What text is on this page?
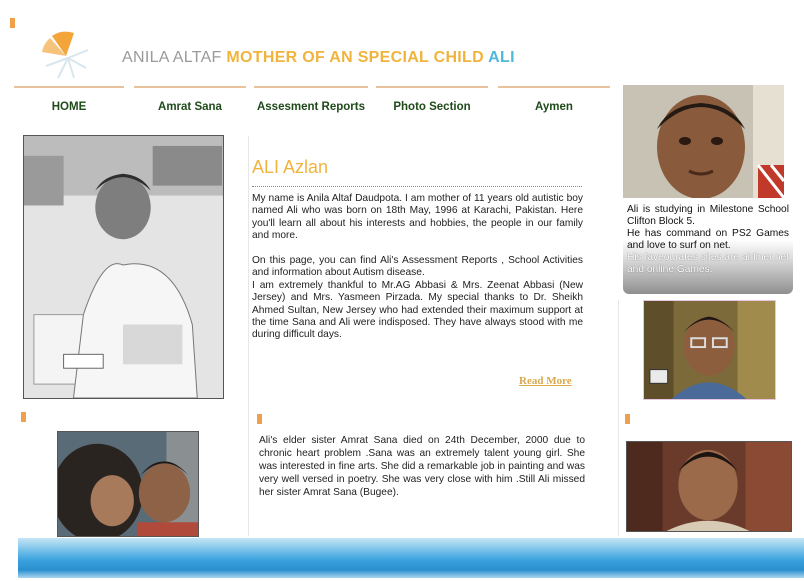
ANILA ALTAF MOTHER OF AN SPECIAL CHILD ALI
HOME	Amrat Sana	Assesment Reports	Photo Section	Aymen
ALI Azlan

My name is Anila Altaf Daudpota. I am mother of 11 years old autistic boy named Ali who was born on 18th May, 1996 at Karachi, Pakistan. Here you'll learn all about his interests and hobbies, the people in our family and more.

On this page, you can find Ali's Assessment Reports , School Activities and information about Autism disease.

I am extremely thankful to Mr.AG Abbasi & Mrs. Zeenat Abbasi (New Jersey) and Mrs. Yasmeen Pirzada. My special thanks to Dr. Sheikh Ahmed Sultan, New Jersey who had extended their maximum support at the time Sana and Ali were indisposed. They have always stood with me during difficult days.

Read More
Ali's elder sister Amrat Sana died on 24th December, 2000 due to chronic heart problem .Sana was an extremely talent young girl. She was interested in fine arts. She did a remarkable job in painting and was very well versed in poetry. She was very close with him .Still Ali missed her sister Amrat Sana (Bugee).

Ali is studying in Milestone School Clifton Block 5.

He has command on PS2 Games and love to surf on net.

His faveourates sites are airliner.net and online Games.
